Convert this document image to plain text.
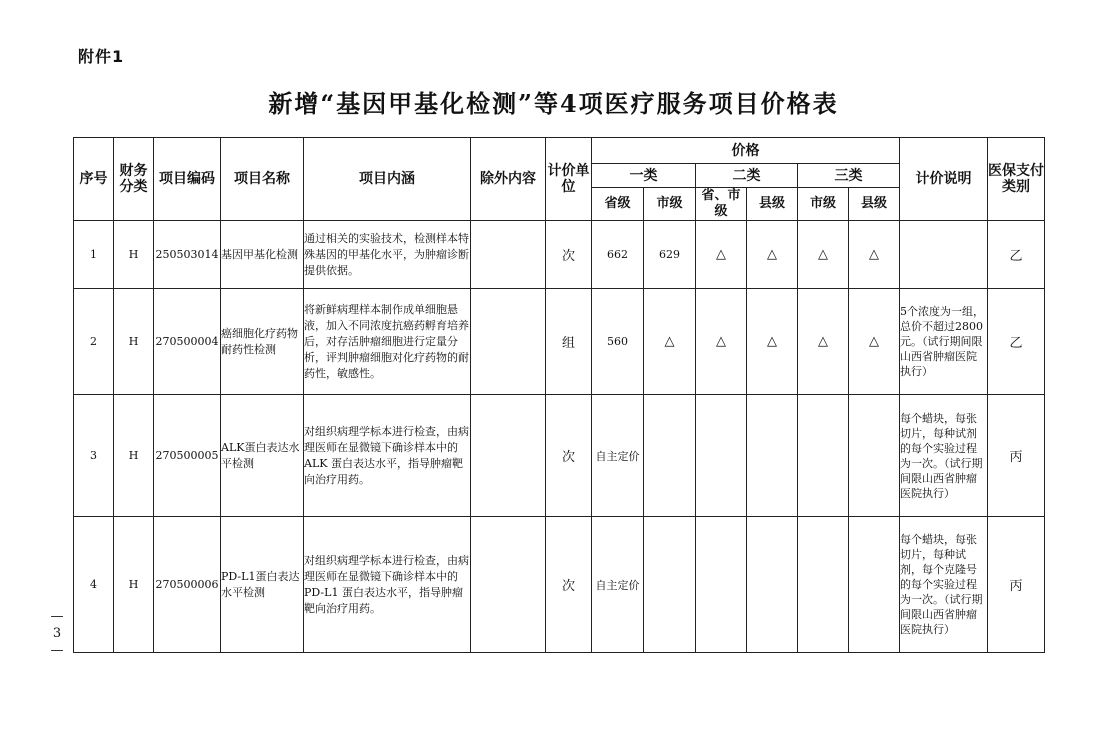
附件1
新增“基因甲基化检测”等4项医疗服务项目价格表
—
3
—
序号	财务分类	项目编码	项目名称	项目内涵	除外内容	计价单位	价格						计价说明	医保支付类别
							一类		二类		三类			
							省级	市级	省、市级	县级	市级	县级		
1	H	250503014	基因甲基化检测	通过相关的实验技术，检测样本特殊基因的甲基化水平，为肿瘤诊断提供依据。		次	662	629	△	△	△	△		乙
2	H	270500004	癌细胞化疗药物耐药性检测	将新鲜病理样本制作成单细胞悬液，加入不同浓度抗癌药孵育培养后，对存活肿瘤细胞进行定量分析，评判肿瘤细胞对化疗药物的耐药性，敏感性。		组	560	△	△	△	△	△	5个浓度为一组，总价不超过2800元。（试行期间限山西省肿瘤医院执行）	乙
3	H	270500005	ALK蛋白表达水平检测	对组织病理学标本进行检查，由病理医师在显微镜下确诊样本中的 ALK 蛋白表达水平，指导肿瘤靶向治疗用药。		次	自主定价						每个蜡块，每张切片，每种试剂的每个实验过程为一次。（试行期间限山西省肿瘤医院执行）	丙
4	H	270500006	PD-L1蛋白表达水平检测	对组织病理学标本进行检查，由病理医师在显微镜下确诊样本中的 PD-L1 蛋白表达水平，指导肿瘤靶向治疗用药。		次	自主定价						每个蜡块，每张切片，每种试剂，每个克隆号的每个实验过程为一次。（试行期间限山西省肿瘤医院执行）	丙
